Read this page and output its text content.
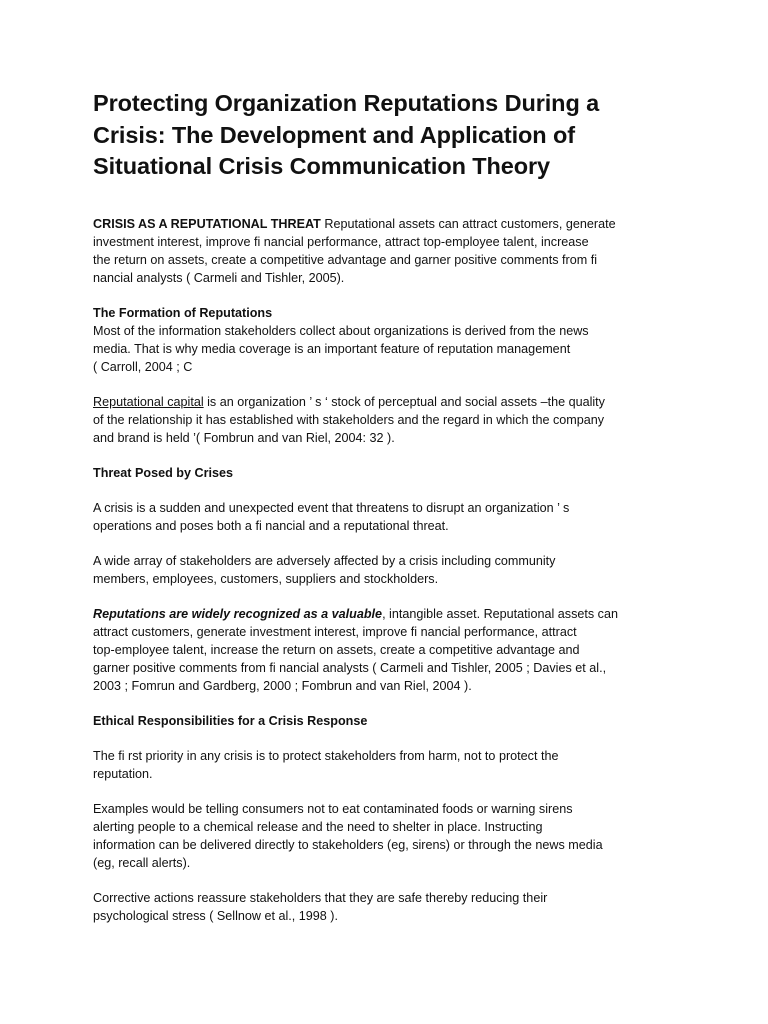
Protecting Organization Reputations During a
Crisis: The Development and Application of
Situational Crisis Communication Theory
CRISIS AS A REPUTATIONAL THREAT Reputational assets can attract customers, generate
investment interest, improve fi nancial performance, attract top-employee talent, increase
the return on assets, create a competitive advantage and garner positive comments from fi
nancial analysts ( Carmeli and Tishler, 2005).
The Formation of Reputations
Most of the information stakeholders collect about organizations is derived from the news
media. That is why media coverage is an important feature of reputation management
( Carroll, 2004 ; C
Reputational capital is an organization ’ s ‘ stock of perceptual and social assets –the quality
of the relationship it has established with stakeholders and the regard in which the company
and brand is held ’( Fombrun and van Riel, 2004: 32 ).
Threat Posed by Crises
A crisis is a sudden and unexpected event that threatens to disrupt an organization ’ s
operations and poses both a fi nancial and a reputational threat.
A wide array of stakeholders are adversely affected by a crisis including community
members, employees, customers, suppliers and stockholders.
Reputations are widely recognized as a valuable, intangible asset. Reputational assets can
attract customers, generate investment interest, improve fi nancial performance, attract
top-employee talent, increase the return on assets, create a competitive advantage and
garner positive comments from fi nancial analysts ( Carmeli and Tishler, 2005 ; Davies et al.,
2003 ; Fomrun and Gardberg, 2000 ; Fombrun and van Riel, 2004 ).
Ethical Responsibilities for a Crisis Response
The fi rst priority in any crisis is to protect stakeholders from harm, not to protect the
reputation.
Examples would be telling consumers not to eat contaminated foods or warning sirens
alerting people to a chemical release and the need to shelter in place. Instructing
information can be delivered directly to stakeholders (eg, sirens) or through the news media
(eg, recall alerts).
Corrective actions reassure stakeholders that they are safe thereby reducing their
psychological stress ( Sellnow et al., 1998 ).
